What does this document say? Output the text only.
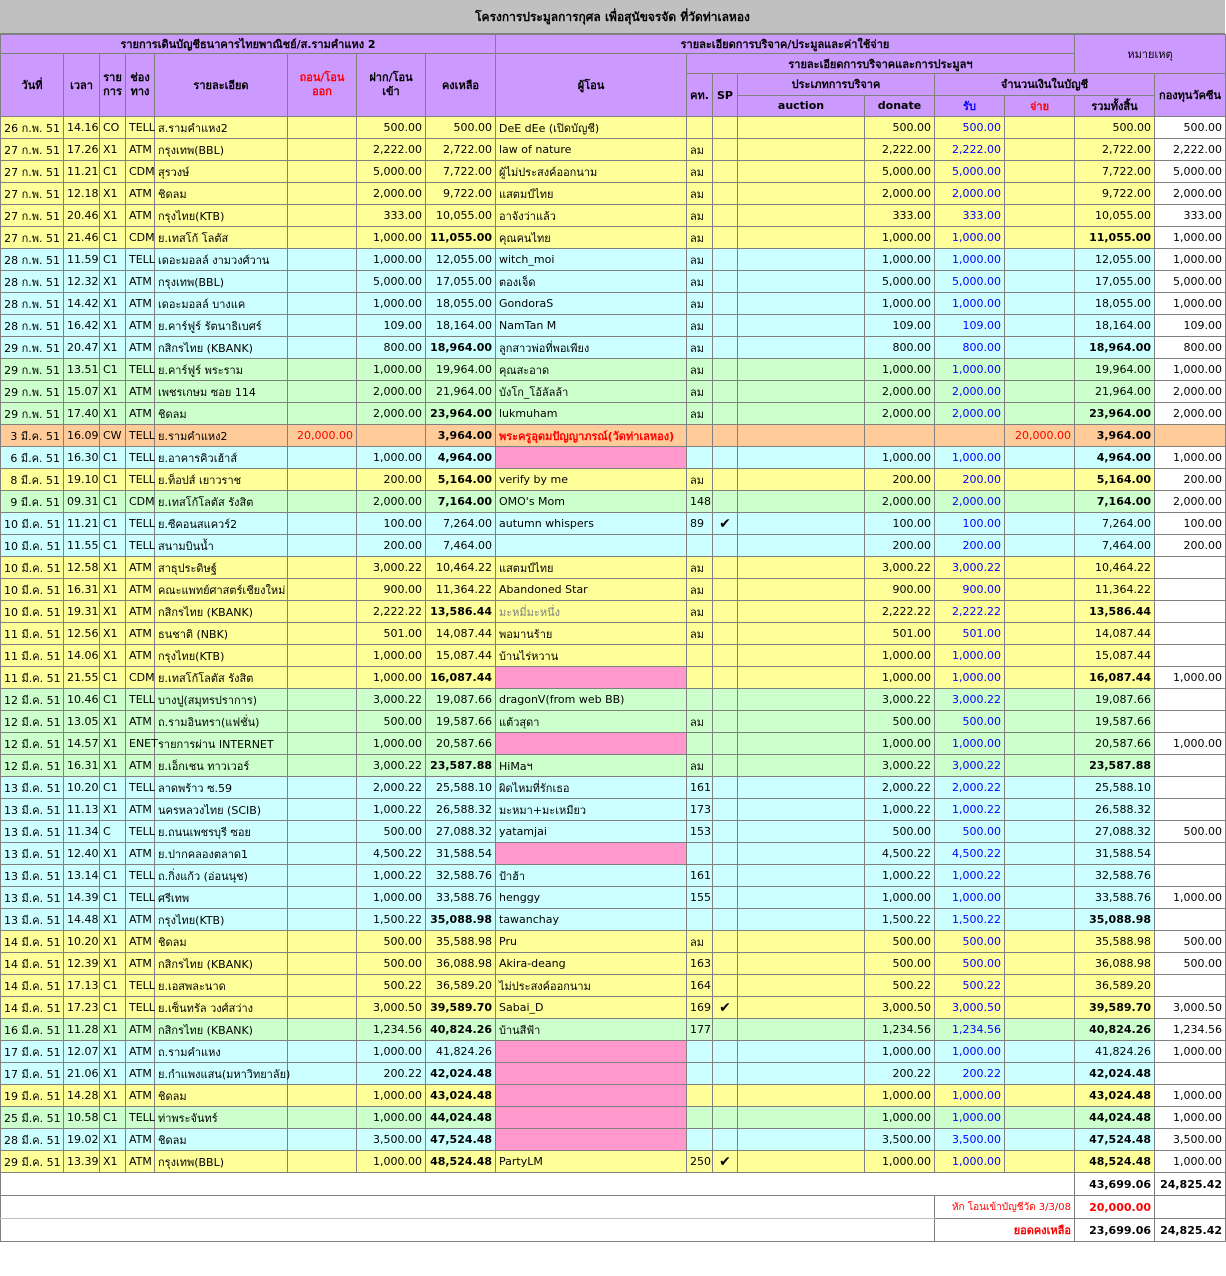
โครงการประมูลการกุศล เพื่อสุนัขจรจัด ที่วัดท่าเลหอง
รายการเดินบัญชีธนาคารไทยพาณิชย์/ส.รามคำแหง 2								รายละเอียดการบริจาค/ประมูลและค่าใช้จ่าย							หมายเหตุ		
วันที่	เวลา	ราย การ	ช่อง ทาง	รายละเอียด	ถอน/โอน ออก	ฝาก/โอน เข้า	คงเหลือ	ผู้โอน	รายละเอียดการบริจาคและการประมูลฯ								
									คท.	SP	ประเภทการบริจาค		จำนวนเงินในบัญชี			กองทุนวัคซีน	
											auction	donate	รับ	จ่าย	รวมทั้งสิ้น		
26 ก.พ. 51	14.16	CO	TELL	ส.รามคำแหง2		500.00	500.00	DeE dEe (เปิดบัญชี)				500.00	500.00		500.00	500.00	
27 ก.พ. 51	17.26	X1	ATM	กรุงเทพ(BBL)		2,222.00	2,722.00	law of nature	ลม			2,222.00	2,222.00		2,722.00	2,222.00	
27 ก.พ. 51	11.21	C1	CDM	สุรวงษ์		5,000.00	7,722.00	ผู้ไม่ประสงค์ออกนาม	ลม			5,000.00	5,000.00		7,722.00	5,000.00	
27 ก.พ. 51	12.18	X1	ATM	ชิดลม		2,000.00	9,722.00	แสตมป์ไทย	ลม			2,000.00	2,000.00		9,722.00	2,000.00	
27 ก.พ. 51	20.46	X1	ATM	กรุงไทย(KTB)		333.00	10,055.00	อาจังว่าแล้ว	ลม			333.00	333.00		10,055.00	333.00	
27 ก.พ. 51	21.46	C1	CDM	ย.เทสโก้ โลตัส		1,000.00	11,055.00	คุณคนไทย	ลม			1,000.00	1,000.00		11,055.00	1,000.00	
28 ก.พ. 51	11.59	C1	TELL	เดอะมอลล์ งามวงศ์วาน		1,000.00	12,055.00	witch_moi	ลม			1,000.00	1,000.00		12,055.00	1,000.00	
28 ก.พ. 51	12.32	X1	ATM	กรุงเทพ(BBL)		5,000.00	17,055.00	ตองเจ็ด	ลม			5,000.00	5,000.00		17,055.00	5,000.00	
28 ก.พ. 51	14.42	X1	ATM	เดอะมอลล์ บางแค		1,000.00	18,055.00	GondoraS	ลม			1,000.00	1,000.00		18,055.00	1,000.00	
28 ก.พ. 51	16.42	X1	ATM	ย.คาร์ฟูร์ รัตนาธิเบศร์		109.00	18,164.00	NamTan M	ลม			109.00	109.00		18,164.00	109.00	
29 ก.พ. 51	20.47	X1	ATM	กสิกรไทย (KBANK)		800.00	18,964.00	ลูกสาวพ่อที่พอเพียง	ลม			800.00	800.00		18,964.00	800.00	
29 ก.พ. 51	13.51	C1	TELL	ย.คาร์ฟูร์ พระราม		1,000.00	19,964.00	คุณสะอาด	ลม			1,000.00	1,000.00		19,964.00	1,000.00	
29 ก.พ. 51	15.07	X1	ATM	เพชรเกษม ซอย 114		2,000.00	21,964.00	บังโก_โอ้ลัลล้า	ลม			2,000.00	2,000.00		21,964.00	2,000.00	
29 ก.พ. 51	17.40	X1	ATM	ชิดลม		2,000.00	23,964.00	lukmuham	ลม			2,000.00	2,000.00		23,964.00	2,000.00	
3 มี.ค. 51	16.09	CW	TELL	ย.รามคำแหง2	20,000.00		3,964.00	พระครูอุดมปัญญาภรณ์(วัดท่าเลหอง)						20,000.00	3,964.00		
6 มี.ค. 51	16.30	C1	TELL	ย.อาคารคิวเฮ้าส์		1,000.00	4,964.00					1,000.00	1,000.00		4,964.00	1,000.00	
8 มี.ค. 51	19.10	C1	TELL	ย.ท็อปส์ เยาวราช		200.00	5,164.00	verify by me	ลม			200.00	200.00		5,164.00	200.00	
9 มี.ค. 51	09.31	C1	CDM	ย.เทสโก้โลตัส รังสิต		2,000.00	7,164.00	OMO's Mom	148			2,000.00	2,000.00		7,164.00	2,000.00	
10 มี.ค. 51	11.21	C1	TELL	ย.ซีคอนสแควร์2		100.00	7,264.00	autumn whispers	89	✔		100.00	100.00		7,264.00	100.00	
10 มี.ค. 51	11.55	C1	TELL	สนามบินน้ำ		200.00	7,464.00					200.00	200.00		7,464.00	200.00	
10 มี.ค. 51	12.58	X1	ATM	สาธุประดิษฐ์		3,000.22	10,464.22	แสตมป์ไทย	ลม			3,000.22	3,000.22		10,464.22		
10 มี.ค. 51	16.31	X1	ATM	คณะแพทย์ศาสตร์เชียงใหม่		900.00	11,364.22	Abandoned Star	ลม			900.00	900.00		11,364.22		
10 มี.ค. 51	19.31	X1	ATM	กสิกรไทย (KBANK)		2,222.22	13,586.44	มะหมี่มะหนึ่ง	ลม			2,222.22	2,222.22		13,586.44		
11 มี.ค. 51	12.56	X1	ATM	ธนชาติ (NBK)		501.00	14,087.44	พอมานร้าย	ลม			501.00	501.00		14,087.44		
11 มี.ค. 51	14.06	X1	ATM	กรุงไทย(KTB)		1,000.00	15,087.44	บ้านไร่หวาน				1,000.00	1,000.00		15,087.44		
11 มี.ค. 51	21.55	C1	CDM	ย.เทสโก้โลตัส รังสิต		1,000.00	16,087.44					1,000.00	1,000.00		16,087.44	1,000.00	
12 มี.ค. 51	10.46	C1	TELL	บางปู(สมุทรปราการ)		3,000.22	19,087.66	dragonV(from web BB)				3,000.22	3,000.22		19,087.66		
12 มี.ค. 51	13.05	X1	ATM	ถ.รามอินทรา(แฟชั่น)		500.00	19,587.66	แต้วสุดา	ลม			500.00	500.00		19,587.66		
12 มี.ค. 51	14.57	X1	ENET	รายการผ่าน INTERNET		1,000.00	20,587.66					1,000.00	1,000.00		20,587.66	1,000.00	
12 มี.ค. 51	16.31	X1	ATM	ย.เอ็กเชน ทาวเวอร์		3,000.22	23,587.88	HiMaฯ	ลม			3,000.22	3,000.22		23,587.88		
13 มี.ค. 51	10.20	C1	TELL	ลาดพร้าว ซ.59		2,000.22	25,588.10	ผิดไหมที่รักเธอ	161			2,000.22	2,000.22		25,588.10		
13 มี.ค. 51	11.13	X1	ATM	นครหลวงไทย (SCIB)		1,000.22	26,588.32	มะหมา+มะเหมียว	173			1,000.22	1,000.22		26,588.32		
13 มี.ค. 51	11.34	C	TELL	ย.ถนนเพชรบุรี ซอย		500.00	27,088.32	yatamjai	153			500.00	500.00		27,088.32	500.00	
13 มี.ค. 51	12.40	X1	ATM	ย.ปากคลองตลาด1		4,500.22	31,588.54					4,500.22	4,500.22		31,588.54		
13 มี.ค. 51	13.14	C1	TELL	ถ.กิ่งแก้ว (อ่อนนุช)		1,000.22	32,588.76	ป้าฮ้า	161			1,000.22	1,000.22		32,588.76		
13 มี.ค. 51	14.39	C1	TELL	ศรีเทพ		1,000.00	33,588.76	henggy	155			1,000.00	1,000.00		33,588.76	1,000.00	
13 มี.ค. 51	14.48	X1	ATM	กรุงไทย(KTB)		1,500.22	35,088.98	tawanchay				1,500.22	1,500.22		35,088.98		
14 มี.ค. 51	10.20	X1	ATM	ชิดลม		500.00	35,588.98	Pru	ลม			500.00	500.00		35,588.98	500.00	
14 มี.ค. 51	12.39	X1	ATM	กสิกรไทย (KBANK)		500.00	36,088.98	Akira-deang	163			500.00	500.00		36,088.98	500.00	
14 มี.ค. 51	17.13	C1	TELL	ย.เอสพละนาด		500.22	36,589.20	ไม่ประสงค์ออกนาม	164			500.22	500.22		36,589.20		
14 มี.ค. 51	17.23	C1	TELL	ย.เซ็นทรัล วงศ์สว่าง		3,000.50	39,589.70	Sabai_D	169	✔		3,000.50	3,000.50		39,589.70	3,000.50	
16 มี.ค. 51	11.28	X1	ATM	กสิกรไทย (KBANK)		1,234.56	40,824.26	บ้านสีฟ้า	177			1,234.56	1,234.56		40,824.26	1,234.56	
17 มี.ค. 51	12.07	X1	ATM	ถ.รามคำแหง		1,000.00	41,824.26					1,000.00	1,000.00		41,824.26	1,000.00	
17 มี.ค. 51	21.06	X1	ATM	ย.กำแพงแสน(มหาวิทยาลัย)		200.22	42,024.48					200.22	200.22		42,024.48		
19 มี.ค. 51	14.28	X1	ATM	ชิดลม		1,000.00	43,024.48					1,000.00	1,000.00		43,024.48	1,000.00	
25 มี.ค. 51	10.58	C1	TELL	ท่าพระจันทร์		1,000.00	44,024.48					1,000.00	1,000.00		44,024.48	1,000.00	
28 มี.ค. 51	19.02	X1	ATM	ชิดลม		3,500.00	47,524.48					3,500.00	3,500.00		47,524.48	3,500.00	
29 มี.ค. 51	13.39	X1	ATM	กรุงเทพ(BBL)		1,000.00	48,524.48	PartyLM	250	✔		1,000.00	1,000.00		48,524.48	1,000.00	
															43,699.06	24,825.42	
													หัก โอนเข้าบัญชีวัด 3/3/08		20,000.00		
													ยอดคงเหลือ		23,699.06	24,825.42	
